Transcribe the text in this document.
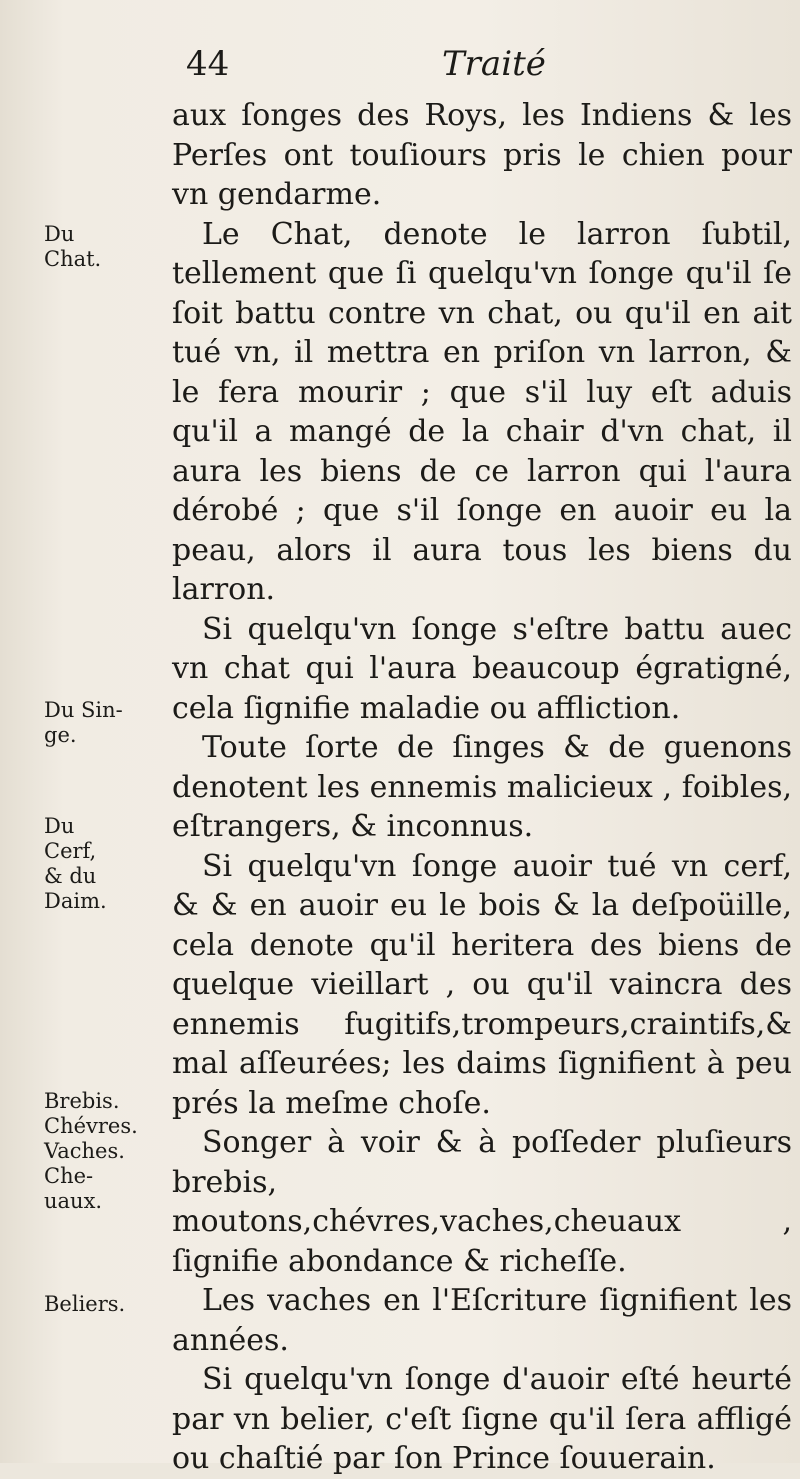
44	Traité
Du
Chat.
Du Sin-
ge.
Du
Cerf,
& du
Daim.
Brebis.
Chévres.
Vaches.
Che-
uaux.
Beliers.

aux ſonges des Roys, les Indiens & les Perſes ont touſiours pris le chien pour vn gendarme.

Le Chat, denote le larron ſubtil, tellement que ſi quelqu'vn ſonge qu'il ſe ſoit battu contre vn chat, ou qu'il en ait tué vn, il mettra en priſon vn larron, & le fera mourir ; que s'il luy eſt aduis qu'il a mangé de la chair d'vn chat, il aura les biens de ce larron qui l'aura dérobé ; que s'il ſonge en auoir eu la peau, alors il aura tous les biens du larron.

Si quelqu'vn ſonge s'eſtre battu auec vn chat qui l'aura beaucoup égratigné, cela ſignifie maladie ou affliction.

Toute ſorte de ſinges & de guenons denotent les ennemis malicieux , foibles, eſtrangers, & inconnus.

Si quelqu'vn ſonge auoir tué vn cerf, & & en auoir eu le bois & la deſpoüille, cela denote qu'il heritera des biens de quelque vieillart , ou qu'il vaincra des ennemis fugitifs,trompeurs,craintifs,& mal aſſeurées; les daims ſignifient à peu prés la meſme choſe.

Songer à voir & à poſſeder pluſieurs brebis, moutons,chévres,vaches,cheuaux , ſignifie abondance & richeſſe.

Les vaches en l'Eſcriture ſignifient les années.

Si quelqu'vn ſonge d'auoir eſté heurté par vn belier, c'eſt ſigne qu'il ſera affligé ou chaſtié par ſon Prince ſouuerain.
